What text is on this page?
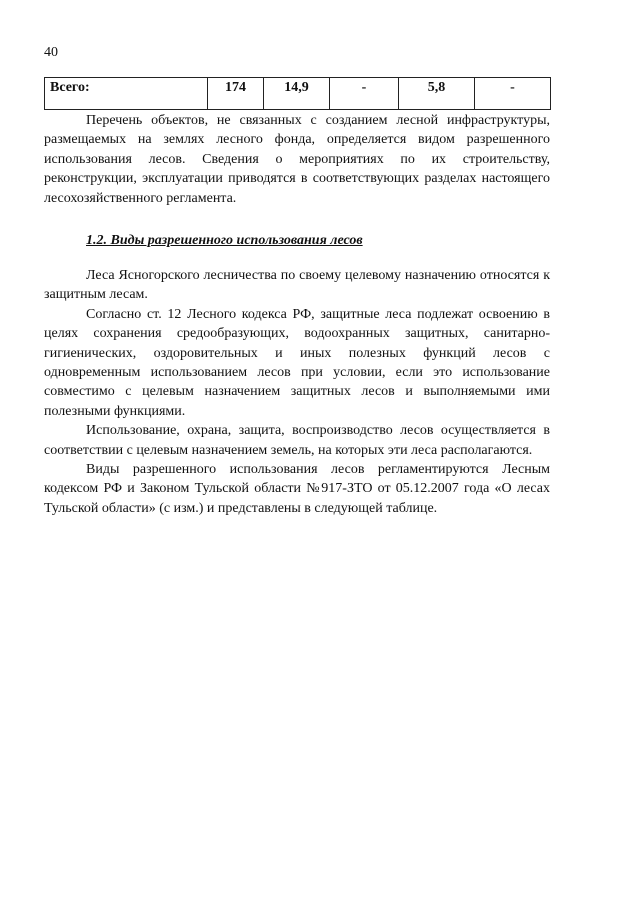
40
Всего:	174	14,9	-	5,8	-

Перечень объектов, не связанных с созданием лесной инфраструктуры, размещаемых на землях лесного фонда, определяется видом разрешенного использования лесов. Сведения о мероприятиях по их строительству, реконструкции, эксплуатации приводятся в соответствующих разделах настоящего лесохозяйственного регламента.

1.2. Виды разрешенного использования лесов

Леса Ясногорского лесничества по своему целевому назначению относятся к защитным лесам.

Согласно ст. 12 Лесного кодекса РФ, защитные леса подлежат освоению в целях сохранения средообразующих, водоохранных защитных, санитарно-гигиенических, оздоровительных и иных полезных функций лесов с одновременным использованием лесов при условии, если это использование совместимо с целевым назначением защитных лесов и выполняемыми ими полезными функциями.

Использование, охрана, защита, воспроизводство лесов осуществляется в соответствии с целевым назначением земель, на которых эти леса располагаются.

Виды разрешенного использования лесов регламентируются Лесным кодексом РФ и Законом Тульской области №917-ЗТО от 05.12.2007 года «О лесах Тульской области» (с изм.) и представлены в следующей таблице.
